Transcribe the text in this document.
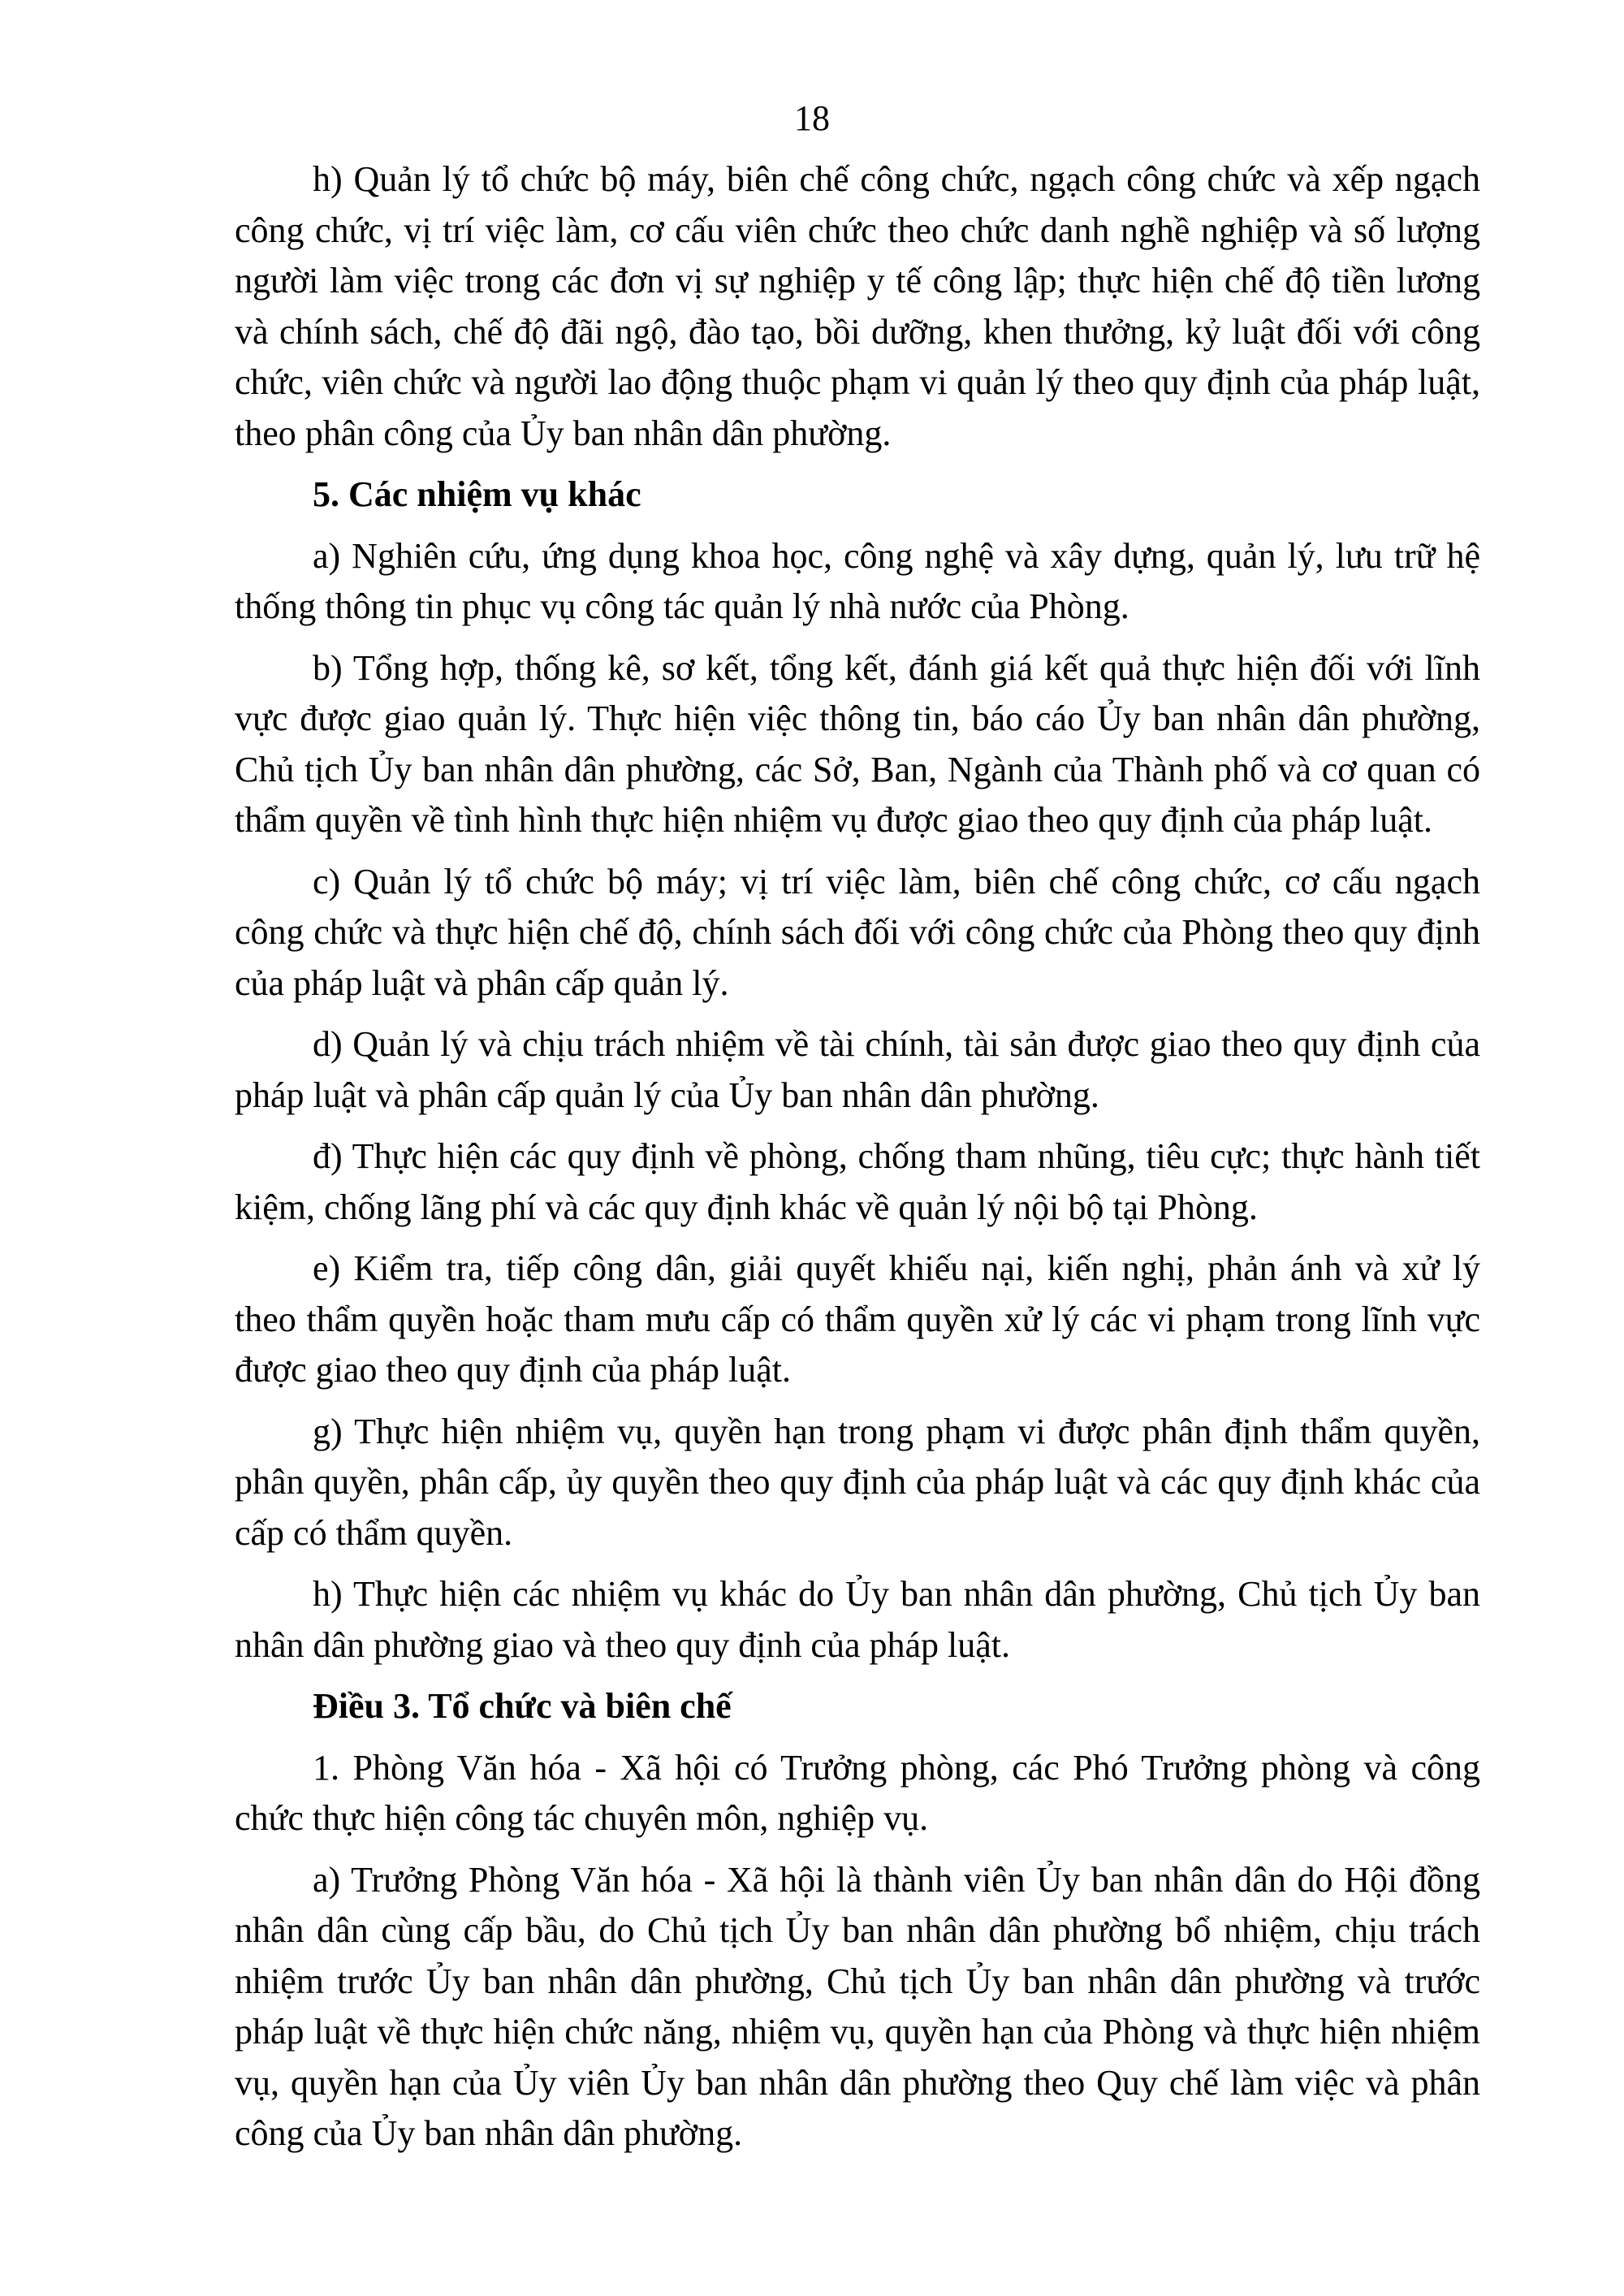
18

h) Quản lý tổ chức bộ máy, biên chế công chức, ngạch công chức và xếp ngạch công chức, vị trí việc làm, cơ cấu viên chức theo chức danh nghề nghiệp và số lượng người làm việc trong các đơn vị sự nghiệp y tế công lập; thực hiện chế độ tiền lương và chính sách, chế độ đãi ngộ, đào tạo, bồi dưỡng, khen thưởng, kỷ luật đối với công chức, viên chức và người lao động thuộc phạm vi quản lý theo quy định của pháp luật, theo phân công của Ủy ban nhân dân phường.

5. Các nhiệm vụ khác

a) Nghiên cứu, ứng dụng khoa học, công nghệ và xây dựng, quản lý, lưu trữ hệ thống thông tin phục vụ công tác quản lý nhà nước của Phòng.

b) Tổng hợp, thống kê, sơ kết, tổng kết, đánh giá kết quả thực hiện đối với lĩnh vực được giao quản lý. Thực hiện việc thông tin, báo cáo Ủy ban nhân dân phường, Chủ tịch Ủy ban nhân dân phường, các Sở, Ban, Ngành của Thành phố và cơ quan có thẩm quyền về tình hình thực hiện nhiệm vụ được giao theo quy định của pháp luật.

c) Quản lý tổ chức bộ máy; vị trí việc làm, biên chế công chức, cơ cấu ngạch công chức và thực hiện chế độ, chính sách đối với công chức của Phòng theo quy định của pháp luật và phân cấp quản lý.

d) Quản lý và chịu trách nhiệm về tài chính, tài sản được giao theo quy định của pháp luật và phân cấp quản lý của Ủy ban nhân dân phường.

đ) Thực hiện các quy định về phòng, chống tham nhũng, tiêu cực; thực hành tiết kiệm, chống lãng phí và các quy định khác về quản lý nội bộ tại Phòng.

e) Kiểm tra, tiếp công dân, giải quyết khiếu nại, kiến nghị, phản ánh và xử lý theo thẩm quyền hoặc tham mưu cấp có thẩm quyền xử lý các vi phạm trong lĩnh vực được giao theo quy định của pháp luật.

g) Thực hiện nhiệm vụ, quyền hạn trong phạm vi được phân định thẩm quyền, phân quyền, phân cấp, ủy quyền theo quy định của pháp luật và các quy định khác của cấp có thẩm quyền.

h) Thực hiện các nhiệm vụ khác do Ủy ban nhân dân phường, Chủ tịch Ủy ban nhân dân phường giao và theo quy định của pháp luật.

Điều 3. Tổ chức và biên chế

1. Phòng Văn hóa - Xã hội có Trưởng phòng, các Phó Trưởng phòng và công chức thực hiện công tác chuyên môn, nghiệp vụ.

a) Trưởng Phòng Văn hóa - Xã hội là thành viên Ủy ban nhân dân do Hội đồng nhân dân cùng cấp bầu, do Chủ tịch Ủy ban nhân dân phường bổ nhiệm, chịu trách nhiệm trước Ủy ban nhân dân phường, Chủ tịch Ủy ban nhân dân phường và trước pháp luật về thực hiện chức năng, nhiệm vụ, quyền hạn của Phòng và thực hiện nhiệm vụ, quyền hạn của Ủy viên Ủy ban nhân dân phường theo Quy chế làm việc và phân công của Ủy ban nhân dân phường.
